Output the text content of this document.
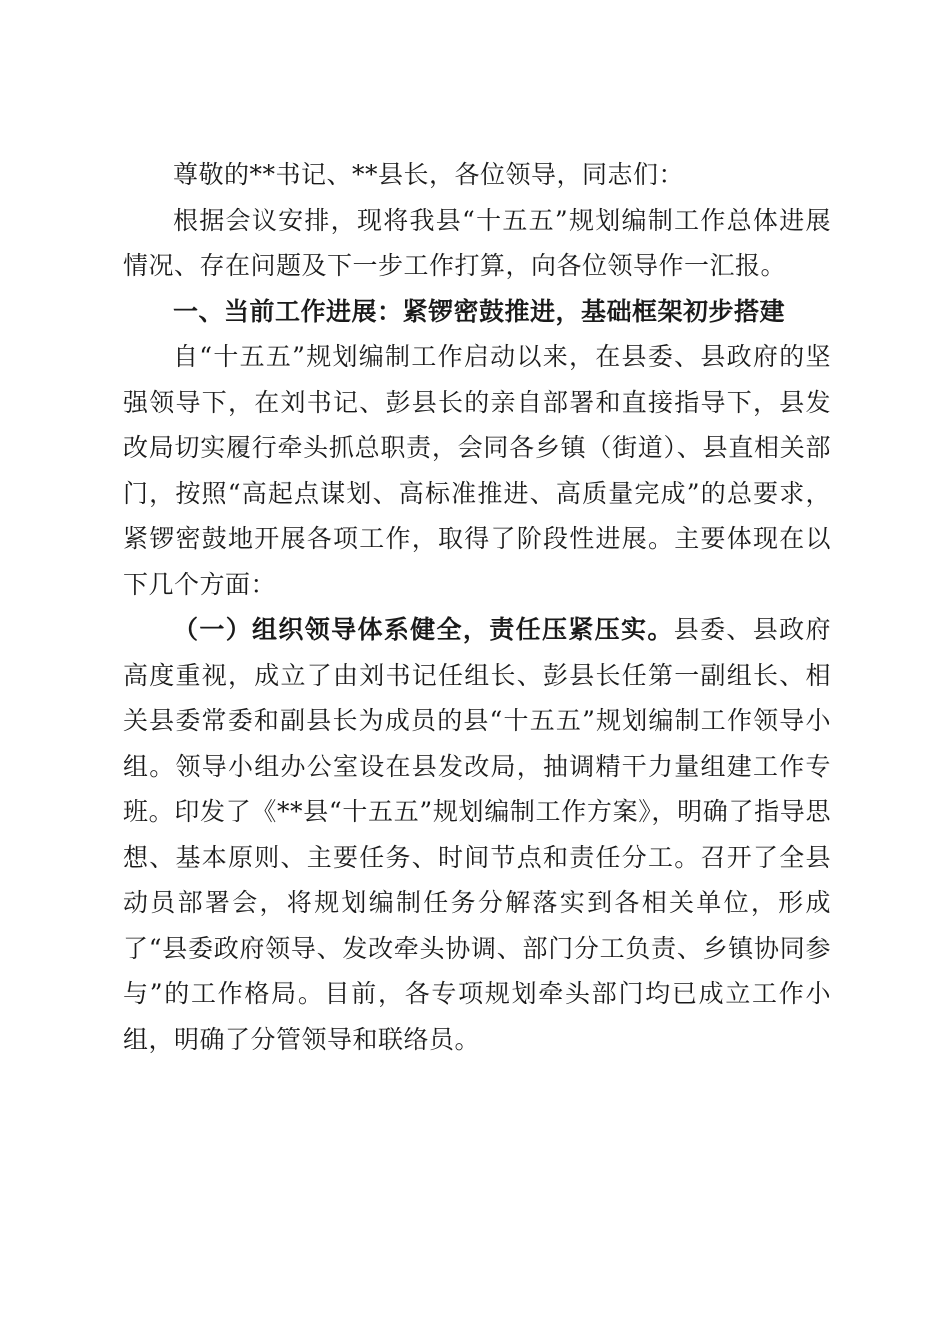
尊敬的**书记、**县长，各位领导，同志们：

根据会议安排，现将我县“十五五”规划编制工作总体进展情况、存在问题及下一步工作打算，向各位领导作一汇报。

一、当前工作进展：紧锣密鼓推进，基础框架初步搭建

自“十五五”规划编制工作启动以来，在县委、县政府的坚强领导下，在刘书记、彭县长的亲自部署和直接指导下，县发改局切实履行牵头抓总职责，会同各乡镇（街道）、县直相关部门，按照“高起点谋划、高标准推进、高质量完成”的总要求，紧锣密鼓地开展各项工作，取得了阶段性进展。主要体现在以下几个方面：

（一）组织领导体系健全，责任压紧压实。县委、县政府高度重视，成立了由刘书记任组长、彭县长任第一副组长、相关县委常委和副县长为成员的县“十五五”规划编制工作领导小组。领导小组办公室设在县发改局，抽调精干力量组建工作专班。印发了《**县“十五五”规划编制工作方案》，明确了指导思想、基本原则、主要任务、时间节点和责任分工。召开了全县动员部署会，将规划编制任务分解落实到各相关单位，形成了“县委政府领导、发改牵头协调、部门分工负责、乡镇协同参与”的工作格局。目前，各专项规划牵头部门均已成立工作小组，明确了分管领导和联络员。
